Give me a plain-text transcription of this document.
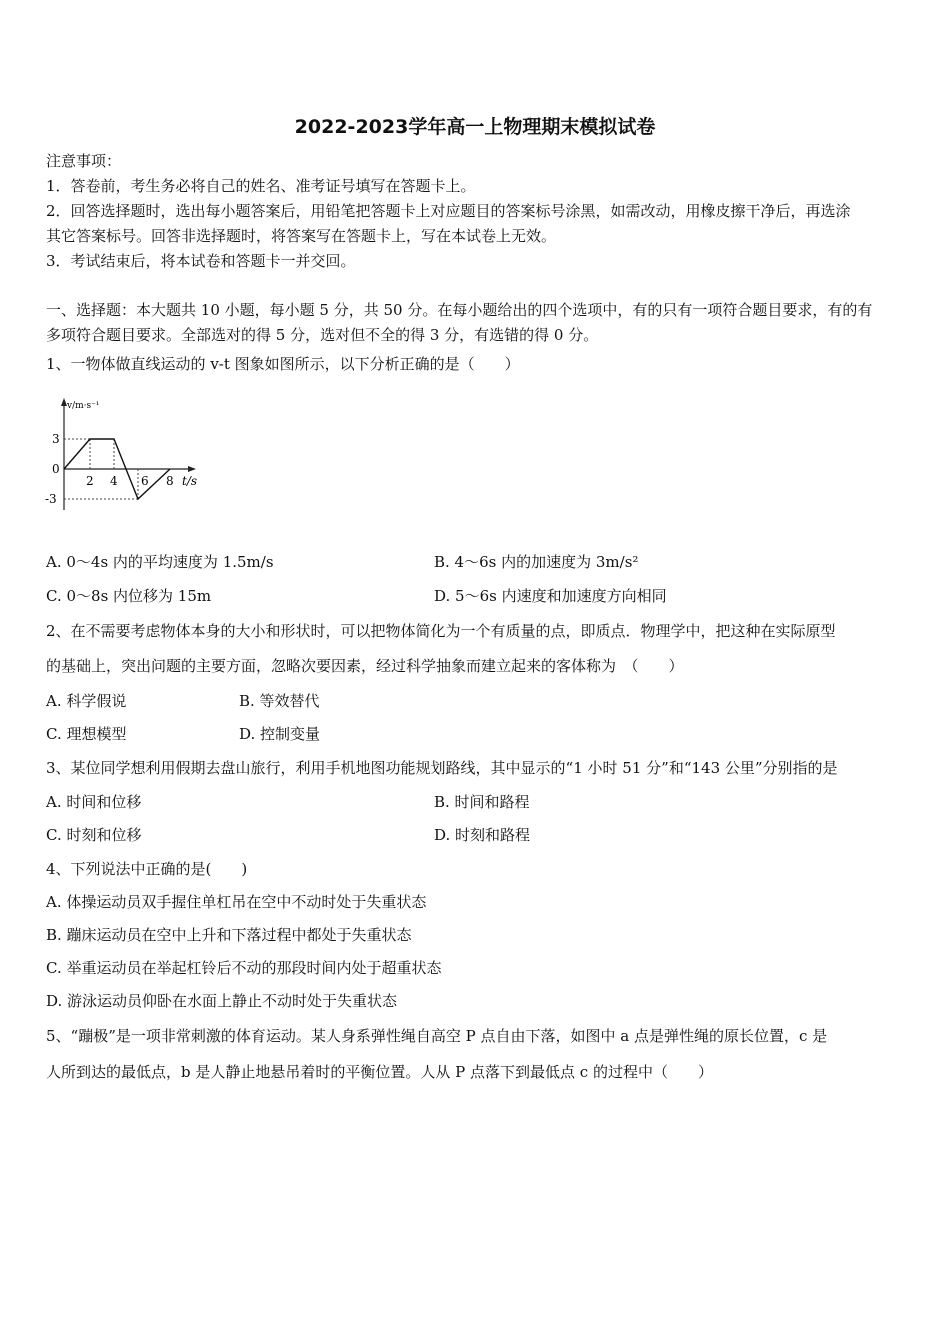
2022-2023学年高一上物理期末模拟试卷
注意事项：
1．答卷前，考生务必将自己的姓名、准考证号填写在答题卡上。
2．回答选择题时，选出每小题答案后，用铅笔把答题卡上对应题目的答案标号涂黑，如需改动，用橡皮擦干净后，再选涂
其它答案标号。回答非选择题时，将答案写在答题卡上，写在本试卷上无效。
3．考试结束后，将本试卷和答题卡一并交回。
一、选择题：本大题共 10 小题，每小题 5 分，共 50 分。在每小题给出的四个选项中，有的只有一项符合题目要求，有的有
多项符合题目要求。全部选对的得 5 分，选对但不全的得 3 分，有选错的得 0 分。
1、一物体做直线运动的 v-t 图象如图所示，以下分析正确的是（　　）
v/m·s⁻¹
3
0
-3
2 4 6 8 t/s
A. 0～4s 内的平均速度为 1.5m/s	B. 4～6s 内的加速度为 3m/s²
C. 0～8s 内位移为 15m	D. 5～6s 内速度和加速度方向相同
2、在不需要考虑物体本身的大小和形状时，可以把物体简化为一个有质量的点，即质点．物理学中，把这种在实际原型
的基础上，突出问题的主要方面，忽略次要因素，经过科学抽象而建立起来的客体称为　（　　）
A. 科学假说	B. 等效替代
C. 理想模型	D. 控制变量
3、某位同学想利用假期去盘山旅行，利用手机地图功能规划路线，其中显示的“1 小时 51 分”和“143 公里”分别指的是
A. 时间和位移	B. 时间和路程
C. 时刻和位移	D. 时刻和路程
4、下列说法中正确的是(　　)
A. 体操运动员双手握住单杠吊在空中不动时处于失重状态
B. 蹦床运动员在空中上升和下落过程中都处于失重状态
C. 举重运动员在举起杠铃后不动的那段时间内处于超重状态
D. 游泳运动员仰卧在水面上静止不动时处于失重状态
5、“蹦极”是一项非常刺激的体育运动。某人身系弹性绳自高空 P 点自由下落，如图中 a 点是弹性绳的原长位置，c 是
人所到达的最低点，b 是人静止地悬吊着时的平衡位置。人从 P 点落下到最低点 c 的过程中（　　）
